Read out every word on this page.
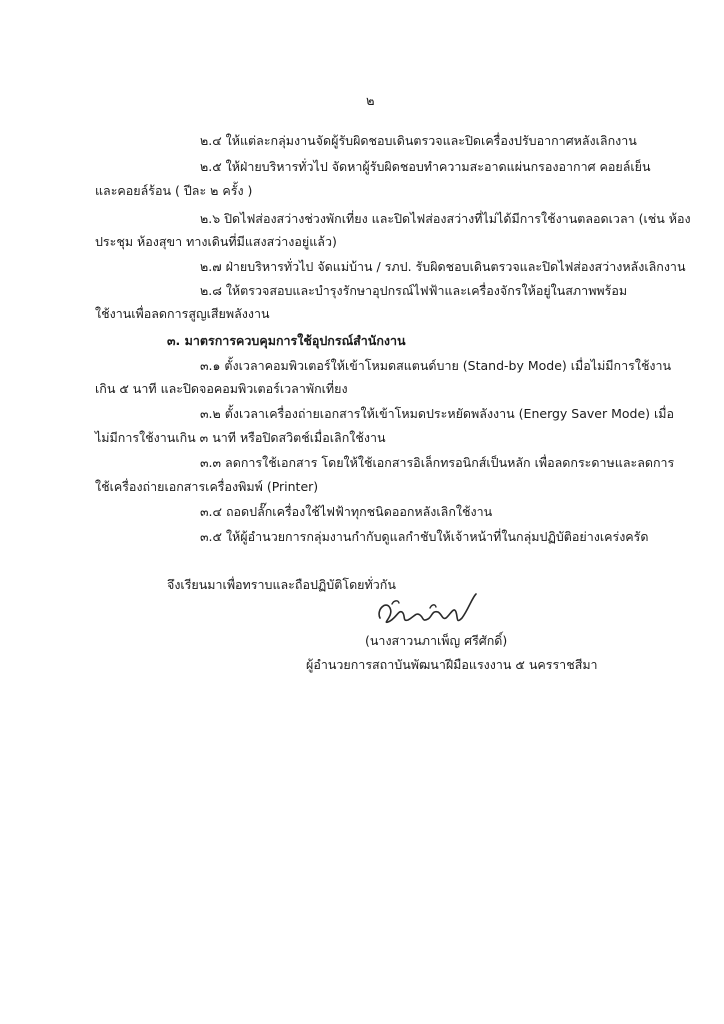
๒
๒.๔ ให้แต่ละกลุ่มงานจัดผู้รับผิดชอบเดินตรวจและปิดเครื่องปรับอากาศหลังเลิกงาน
๒.๕ ให้ฝ่ายบริหารทั่วไป จัดหาผู้รับผิดชอบทำความสะอาดแผ่นกรองอากาศ คอยล์เย็น
และคอยล์ร้อน ( ปีละ ๒ ครั้ง )
๒.๖ ปิดไฟส่องสว่างช่วงพักเที่ยง และปิดไฟส่องสว่างที่ไม่ได้มีการใช้งานตลอดเวลา (เช่น ห้อง
ประชุม ห้องสุขา ทางเดินที่มีแสงสว่างอยู่แล้ว)
๒.๗ ฝ่ายบริหารทั่วไป จัดแม่บ้าน / รภป. รับผิดชอบเดินตรวจและปิดไฟส่องสว่างหลังเลิกงาน
๒.๘ ให้ตรวจสอบและบำรุงรักษาอุปกรณ์ไฟฟ้าและเครื่องจักรให้อยู่ในสภาพพร้อม
ใช้งานเพื่อลดการสูญเสียพลังงาน
๓. มาตรการควบคุมการใช้อุปกรณ์สำนักงาน
๓.๑ ตั้งเวลาคอมพิวเตอร์ให้เข้าโหมดสแตนด์บาย (Stand-by Mode) เมื่อไม่มีการใช้งาน
เกิน ๕ นาที และปิดจอคอมพิวเตอร์เวลาพักเที่ยง
๓.๒ ตั้งเวลาเครื่องถ่ายเอกสารให้เข้าโหมดประหยัดพลังงาน (Energy Saver Mode) เมื่อ
ไม่มีการใช้งานเกิน ๓ นาที หรือปิดสวิตช์เมื่อเลิกใช้งาน
๓.๓ ลดการใช้เอกสาร โดยให้ใช้เอกสารอิเล็กทรอนิกส์เป็นหลัก เพื่อลดกระดาษและลดการ
ใช้เครื่องถ่ายเอกสารเครื่องพิมพ์ (Printer)
๓.๔ ถอดปลั๊กเครื่องใช้ไฟฟ้าทุกชนิดออกหลังเลิกใช้งาน
๓.๕ ให้ผู้อำนวยการกลุ่มงานกำกับดูแลกำชับให้เจ้าหน้าที่ในกลุ่มปฏิบัติอย่างเคร่งครัด
จึงเรียนมาเพื่อทราบและถือปฏิบัติโดยทั่วกัน
(นางสาวนภาเพ็ญ ศรีศักดิ์)
ผู้อำนวยการสถาบันพัฒนาฝีมือแรงงาน ๕ นครราชสีมา
